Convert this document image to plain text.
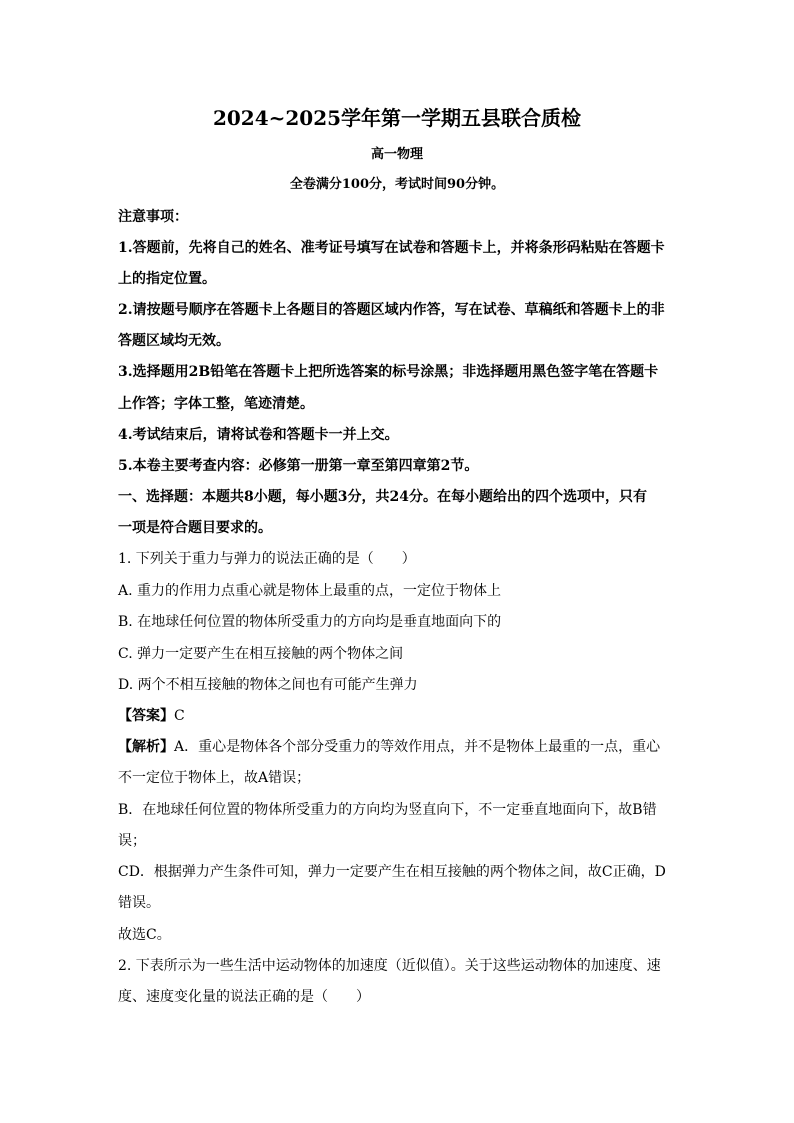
2024~2025学年第一学期五县联合质检
高一物理
全卷满分100分，考试时间90分钟。
注意事项：
1.答题前，先将自己的姓名、准考证号填写在试卷和答题卡上，并将条形码粘贴在答题卡
上的指定位置。
2.请按题号顺序在答题卡上各题目的答题区域内作答，写在试卷、草稿纸和答题卡上的非
答题区域均无效。
3.选择题用2B铅笔在答题卡上把所选答案的标号涂黑；非选择题用黑色签字笔在答题卡
上作答；字体工整，笔迹清楚。
4.考试结束后，请将试卷和答题卡一并上交。
5.本卷主要考查内容：必修第一册第一章至第四章第2节。
一、选择题：本题共8小题，每小题3分，共24分。在每小题给出的四个选项中，只有
一项是符合题目要求的。
1. 下列关于重力与弹力的说法正确的是（　　）
A. 重力的作用力点重心就是物体上最重的点，一定位于物体上
B. 在地球任何位置的物体所受重力的方向均是垂直地面向下的
C. 弹力一定要产生在相互接触的两个物体之间
D. 两个不相互接触的物体之间也有可能产生弹力
【答案】C
【解析】A．重心是物体各个部分受重力的等效作用点，并不是物体上最重的一点，重心
不一定位于物体上，故A错误；
B．在地球任何位置的物体所受重力的方向均为竖直向下，不一定垂直地面向下，故B错
误；
CD．根据弹力产生条件可知，弹力一定要产生在相互接触的两个物体之间，故C正确，D
错误。
故选C。
2. 下表所示为一些生活中运动物体的加速度（近似值）。关于这些运动物体的加速度、速
度、速度变化量的说法正确的是（　　）
